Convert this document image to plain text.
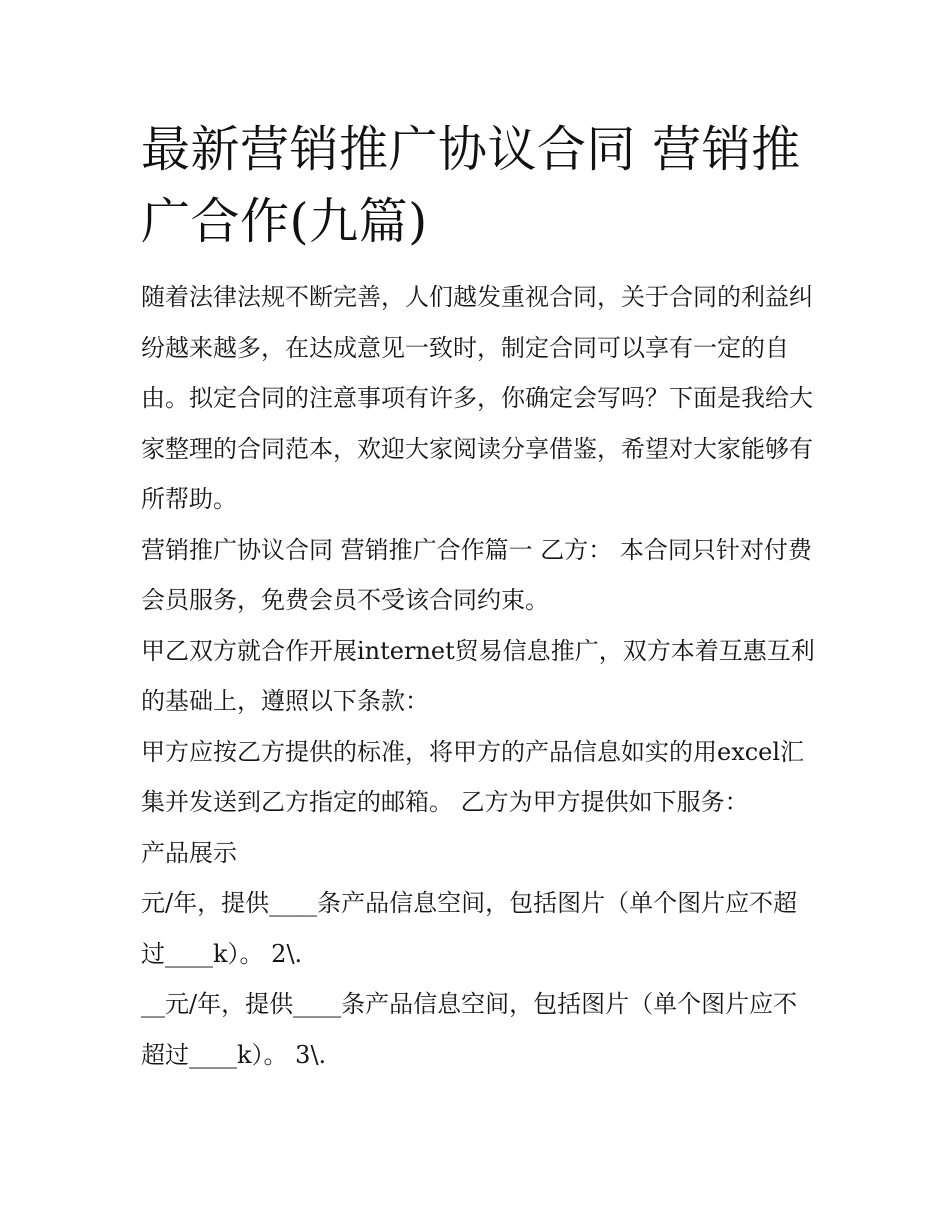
最新营销推广协议合同 营销推广合作(九篇)

随着法律法规不断完善，人们越发重视合同，关于合同的利益纠纷越来越多，在达成意见一致时，制定合同可以享有一定的自由。拟定合同的注意事项有许多，你确定会写吗？下面是我给大家整理的合同范本，欢迎大家阅读分享借鉴，希望对大家能够有所帮助。

营销推广协议合同 营销推广合作篇一 乙方： 本合同只针对付费会员服务，免费会员不受该合同约束。

甲乙双方就合作开展internet贸易信息推广，双方本着互惠互利的基础上，遵照以下条款：

甲方应按乙方提供的标准，将甲方的产品信息如实的用excel汇集并发送到乙方指定的邮箱。 乙方为甲方提供如下服务：

产品展示

元/年，提供____条产品信息空间，包括图片（单个图片应不超过____k）。 2\.

__元/年，提供____条产品信息空间，包括图片（单个图片应不超过____k）。 3\.
